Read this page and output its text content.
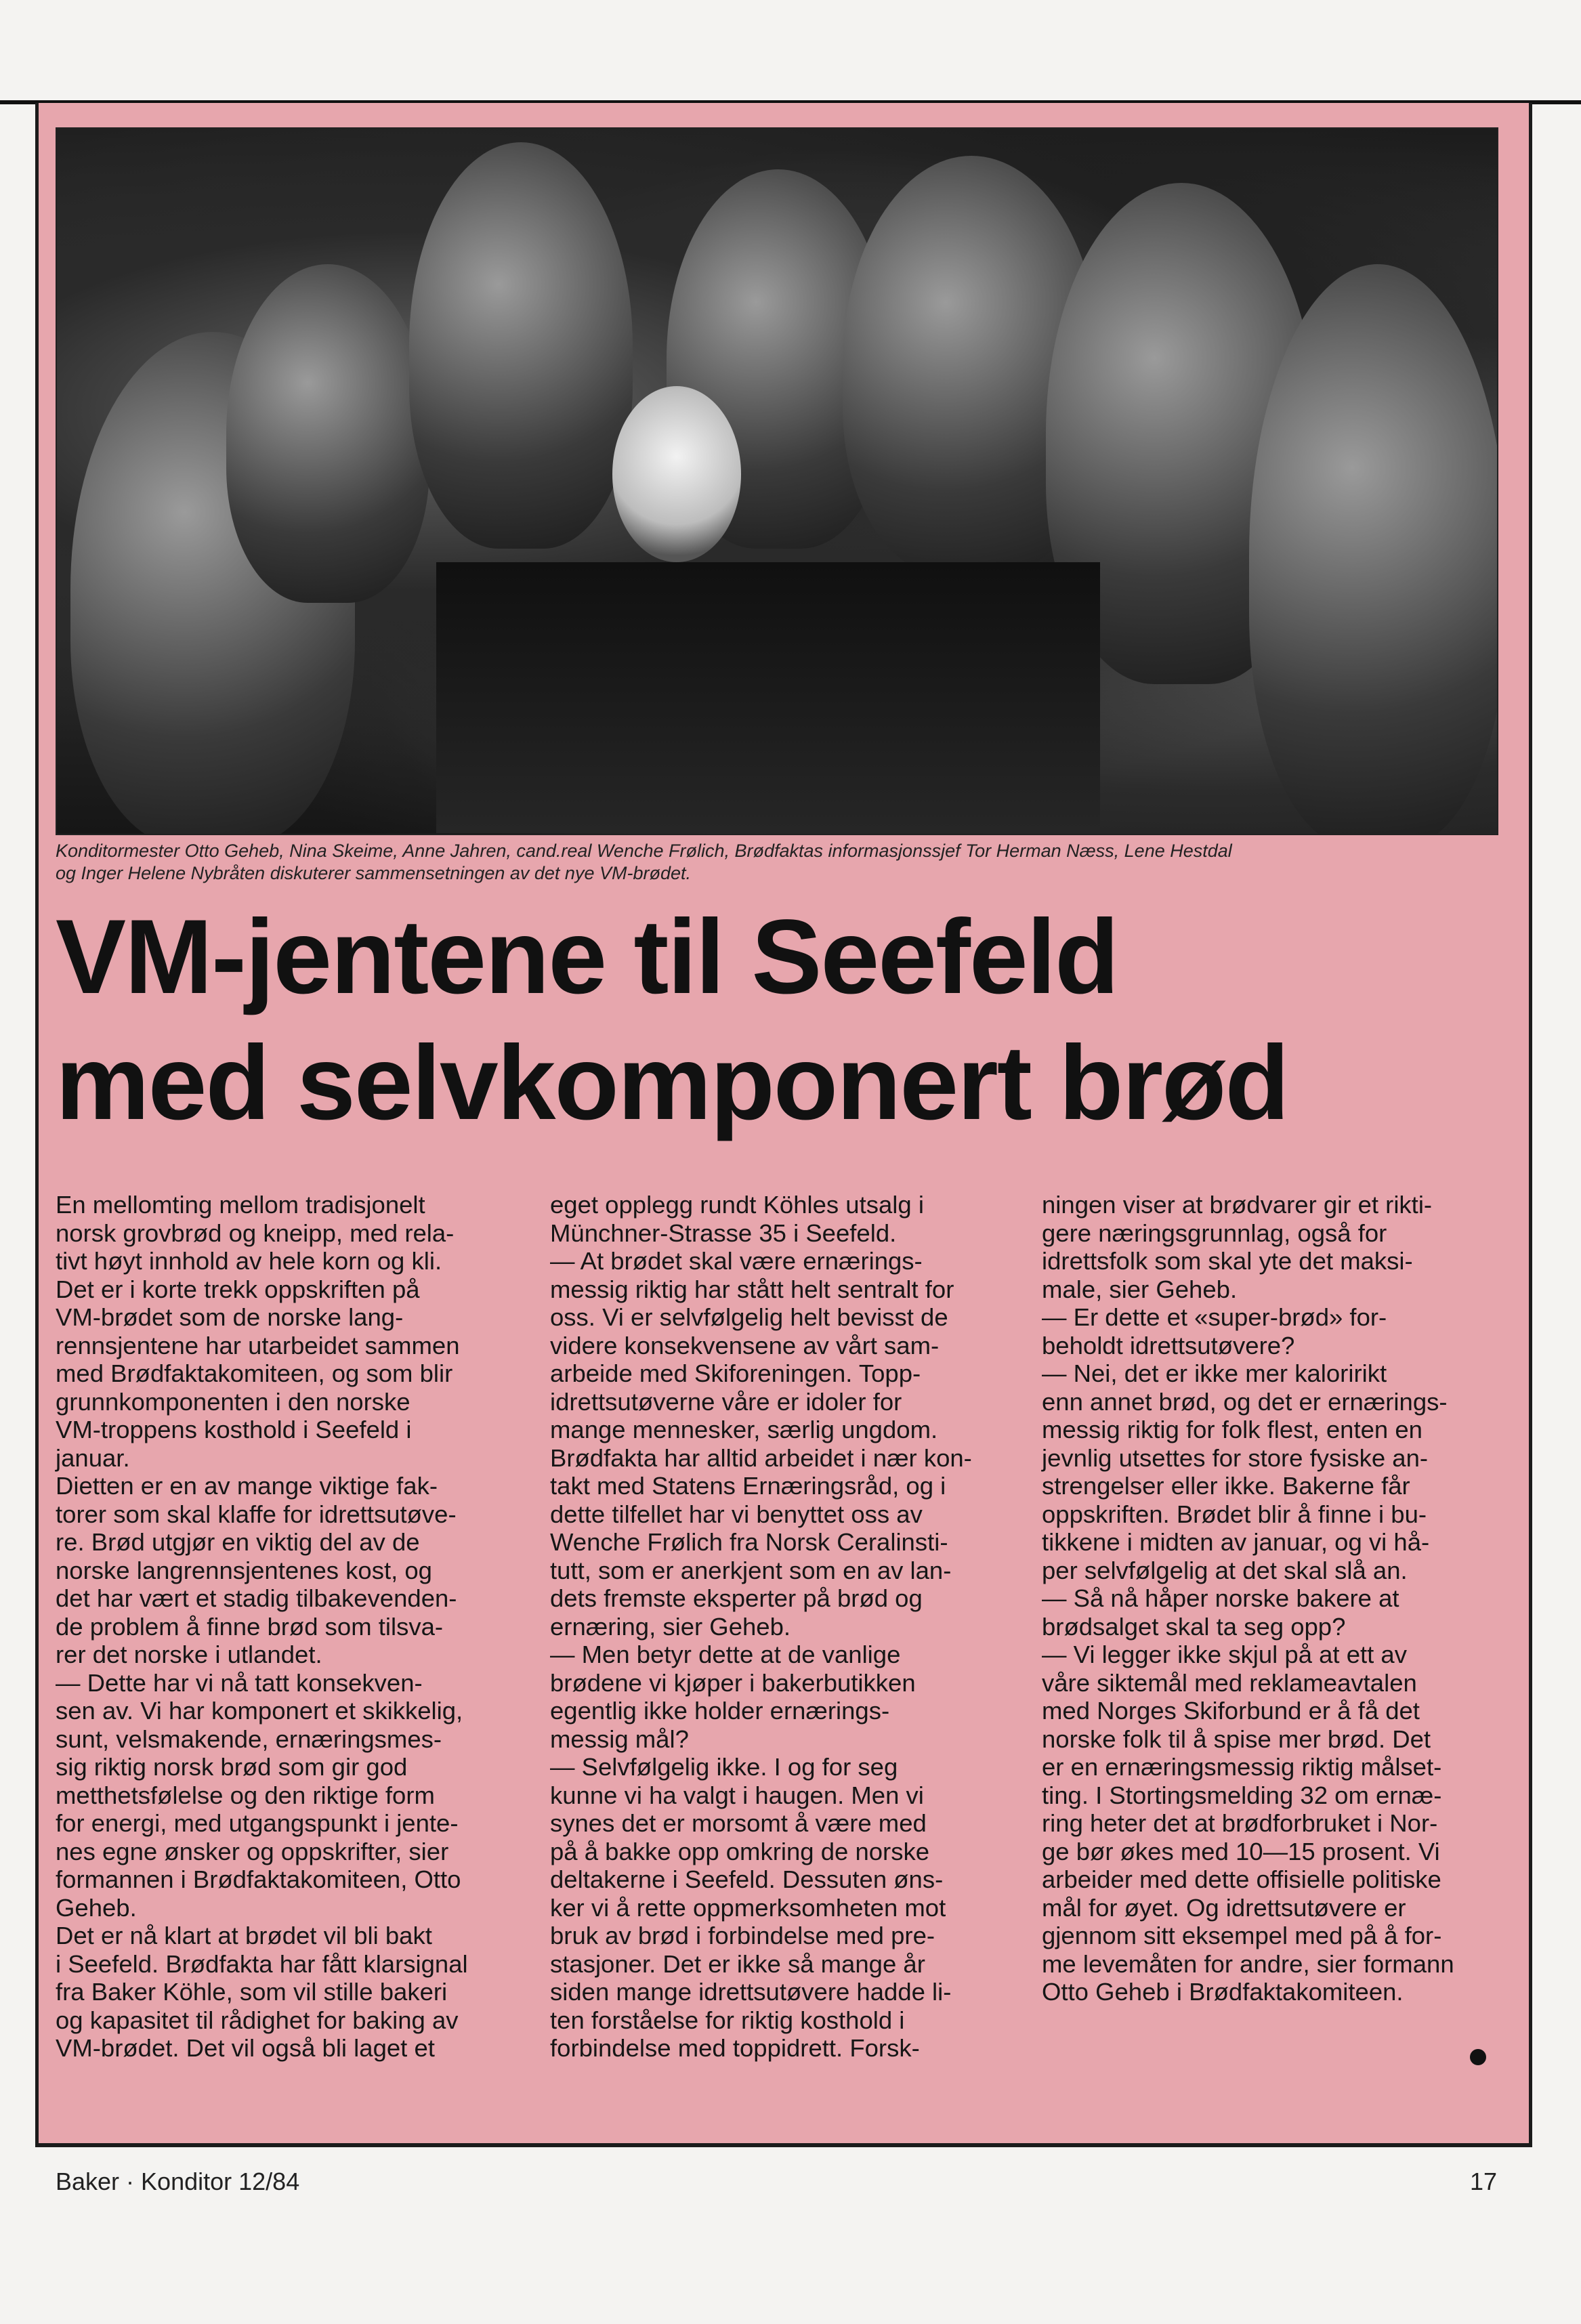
Konditormester Otto Geheb, Nina Skeime, Anne Jahren, cand.real Wenche Frølich, Brødfaktas informasjonssjef Tor Herman Næss, Lene Hestdal
og Inger Helene Nybråten diskuterer sammensetningen av det nye VM-brødet.
VM-jentene til Seefeld
med selvkomponert brød
En mellomting mellom tradisjonelt
norsk grovbrød og kneipp, med rela-
tivt høyt innhold av hele korn og kli.
Det er i korte trekk oppskriften på
VM-brødet som de norske lang-
rennsjentene har utarbeidet sammen
med Brødfaktakomiteen, og som blir
grunnkomponenten i den norske
VM-troppens kosthold i Seefeld i
januar.
Dietten er en av mange viktige fak-
torer som skal klaffe for idrettsutøve-
re. Brød utgjør en viktig del av de
norske langrennsjentenes kost, og
det har vært et stadig tilbakevenden-
de problem å finne brød som tilsva-
rer det norske i utlandet.
— Dette har vi nå tatt konsekven-
sen av. Vi har komponert et skikkelig,
sunt, velsmakende, ernæringsmes-
sig riktig norsk brød som gir god
metthetsfølelse og den riktige form
for energi, med utgangspunkt i jente-
nes egne ønsker og oppskrifter, sier
formannen i Brødfaktakomiteen, Otto
Geheb.
Det er nå klart at brødet vil bli bakt
i Seefeld. Brødfakta har fått klarsignal
fra Baker Köhle, som vil stille bakeri
og kapasitet til rådighet for baking av
VM-brødet. Det vil også bli laget et
eget opplegg rundt Köhles utsalg i
Münchner-Strasse 35 i Seefeld.
— At brødet skal være ernærings-
messig riktig har stått helt sentralt for
oss. Vi er selvfølgelig helt bevisst de
videre konsekvensene av vårt sam-
arbeide med Skiforeningen. Topp-
idrettsutøverne våre er idoler for
mange mennesker, særlig ungdom.
Brødfakta har alltid arbeidet i nær kon-
takt med Statens Ernæringsråd, og i
dette tilfellet har vi benyttet oss av
Wenche Frølich fra Norsk Ceralinsti-
tutt, som er anerkjent som en av lan-
dets fremste eksperter på brød og
ernæring, sier Geheb.
— Men betyr dette at de vanlige
brødene vi kjøper i bakerbutikken
egentlig ikke holder ernærings-
messig mål?
— Selvfølgelig ikke. I og for seg
kunne vi ha valgt i haugen. Men vi
synes det er morsomt å være med
på å bakke opp omkring de norske
deltakerne i Seefeld. Dessuten øns-
ker vi å rette oppmerksomheten mot
bruk av brød i forbindelse med pre-
stasjoner. Det er ikke så mange år
siden mange idrettsutøvere hadde li-
ten forståelse for riktig kosthold i
forbindelse med toppidrett. Forsk-
ningen viser at brødvarer gir et rikti-
gere næringsgrunnlag, også for
idrettsfolk som skal yte det maksi-
male, sier Geheb.
— Er dette et «super-brød» for-
beholdt idrettsutøvere?
— Nei, det er ikke mer kaloririkt
enn annet brød, og det er ernærings-
messig riktig for folk flest, enten en
jevnlig utsettes for store fysiske an-
strengelser eller ikke. Bakerne får
oppskriften. Brødet blir å finne i bu-
tikkene i midten av januar, og vi hå-
per selvfølgelig at det skal slå an.
— Så nå håper norske bakere at
brødsalget skal ta seg opp?
— Vi legger ikke skjul på at ett av
våre siktemål med reklameavtalen
med Norges Skiforbund er å få det
norske folk til å spise mer brød. Det
er en ernæringsmessig riktig målset-
ting. I Stortingsmelding 32 om ernæ-
ring heter det at brødforbruket i Nor-
ge bør økes med 10—15 prosent. Vi
arbeider med dette offisielle politiske
mål for øyet. Og idrettsutøvere er
gjennom sitt eksempel med på å for-
me levemåten for andre, sier formann
Otto Geheb i Brødfaktakomiteen.
Baker · Konditor 12/84	17
